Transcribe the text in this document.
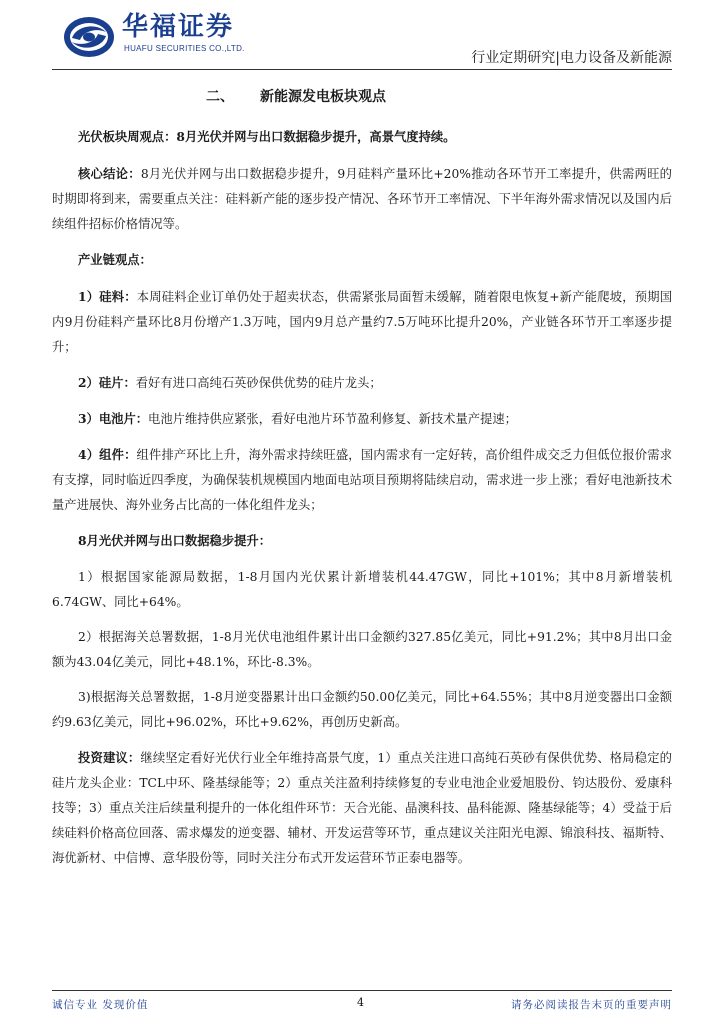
华福证券
HUAFU SECURITIES CO.,LTD.
行业定期研究|电力设备及新能源
二、 新能源发电板块观点

光伏板块周观点：8月光伏并网与出口数据稳步提升，高景气度持续。

核心结论：8月光伏并网与出口数据稳步提升，9月硅料产量环比+20%推动各环节开工率提升，供需两旺的时期即将到来，需要重点关注：硅料新产能的逐步投产情况、各环节开工率情况、下半年海外需求情况以及国内后续组件招标价格情况等。

产业链观点：

1）硅料：本周硅料企业订单仍处于超卖状态，供需紧张局面暂未缓解，随着限电恢复+新产能爬坡，预期国内9月份硅料产量环比8月份增产1.3万吨，国内9月总产量约7.5万吨环比提升20%，产业链各环节开工率逐步提升；

2）硅片：看好有进口高纯石英砂保供优势的硅片龙头；

3）电池片：电池片维持供应紧张，看好电池片环节盈利修复、新技术量产提速；

4）组件：组件排产环比上升，海外需求持续旺盛，国内需求有一定好转，高价组件成交乏力但低位报价需求有支撑，同时临近四季度，为确保装机规模国内地面电站项目预期将陆续启动，需求进一步上涨；看好电池新技术量产进展快、海外业务占比高的一体化组件龙头；

8月光伏并网与出口数据稳步提升：

1）根据国家能源局数据，1-8月国内光伏累计新增装机44.47GW，同比+101%；其中8月新增装机6.74GW、同比+64%。

2）根据海关总署数据，1-8月光伏电池组件累计出口金额约327.85亿美元，同比+91.2%；其中8月出口金额为43.04亿美元，同比+48.1%，环比-8.3%。

3)根据海关总署数据，1-8月逆变器累计出口金额约50.00亿美元，同比+64.55%；其中8月逆变器出口金额约9.63亿美元，同比+96.02%，环比+9.62%，再创历史新高。

投资建议：继续坚定看好光伏行业全年维持高景气度，1）重点关注进口高纯石英砂有保供优势、格局稳定的硅片龙头企业：TCL中环、隆基绿能等；2）重点关注盈利持续修复的专业电池企业爱旭股份、钧达股份、爱康科技等；3）重点关注后续量利提升的一体化组件环节：天合光能、晶澳科技、晶科能源、隆基绿能等；4）受益于后续硅料价格高位回落、需求爆发的逆变器、辅材、开发运营等环节，重点建议关注阳光电源、锦浪科技、福斯特、海优新材、中信博、意华股份等，同时关注分布式开发运营环节正泰电器等。

诚信专业 发现价值	4	请务必阅读报告末页的重要声明
